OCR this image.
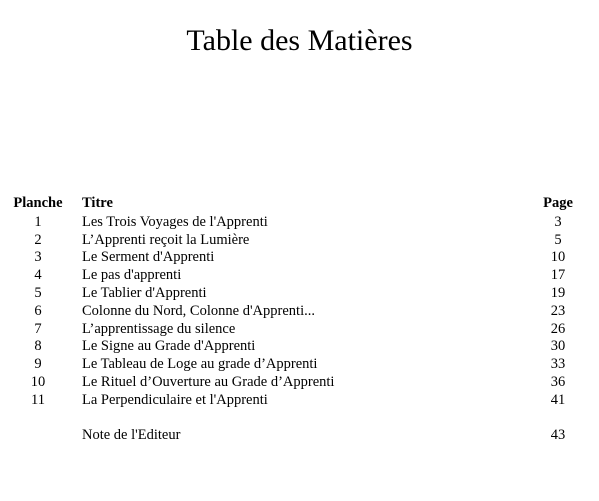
Table des Matières
Planche	Titre	Page
1	Les Trois Voyages de l'Apprenti	3
2	L’Apprenti reçoit la Lumière	5
3	Le Serment d'Apprenti	10
4	Le pas d'apprenti	17
5	Le Tablier d'Apprenti	19
6	Colonne du Nord, Colonne d'Apprenti...	23
7	L’apprentissage du silence	26
8	Le Signe au Grade d'Apprenti	30
9	Le Tableau de Loge au grade d’Apprenti	33
10	Le Rituel d’Ouverture au Grade d’Apprenti	36
11	La Perpendiculaire et l'Apprenti	41

	Note de l'Editeur	43
